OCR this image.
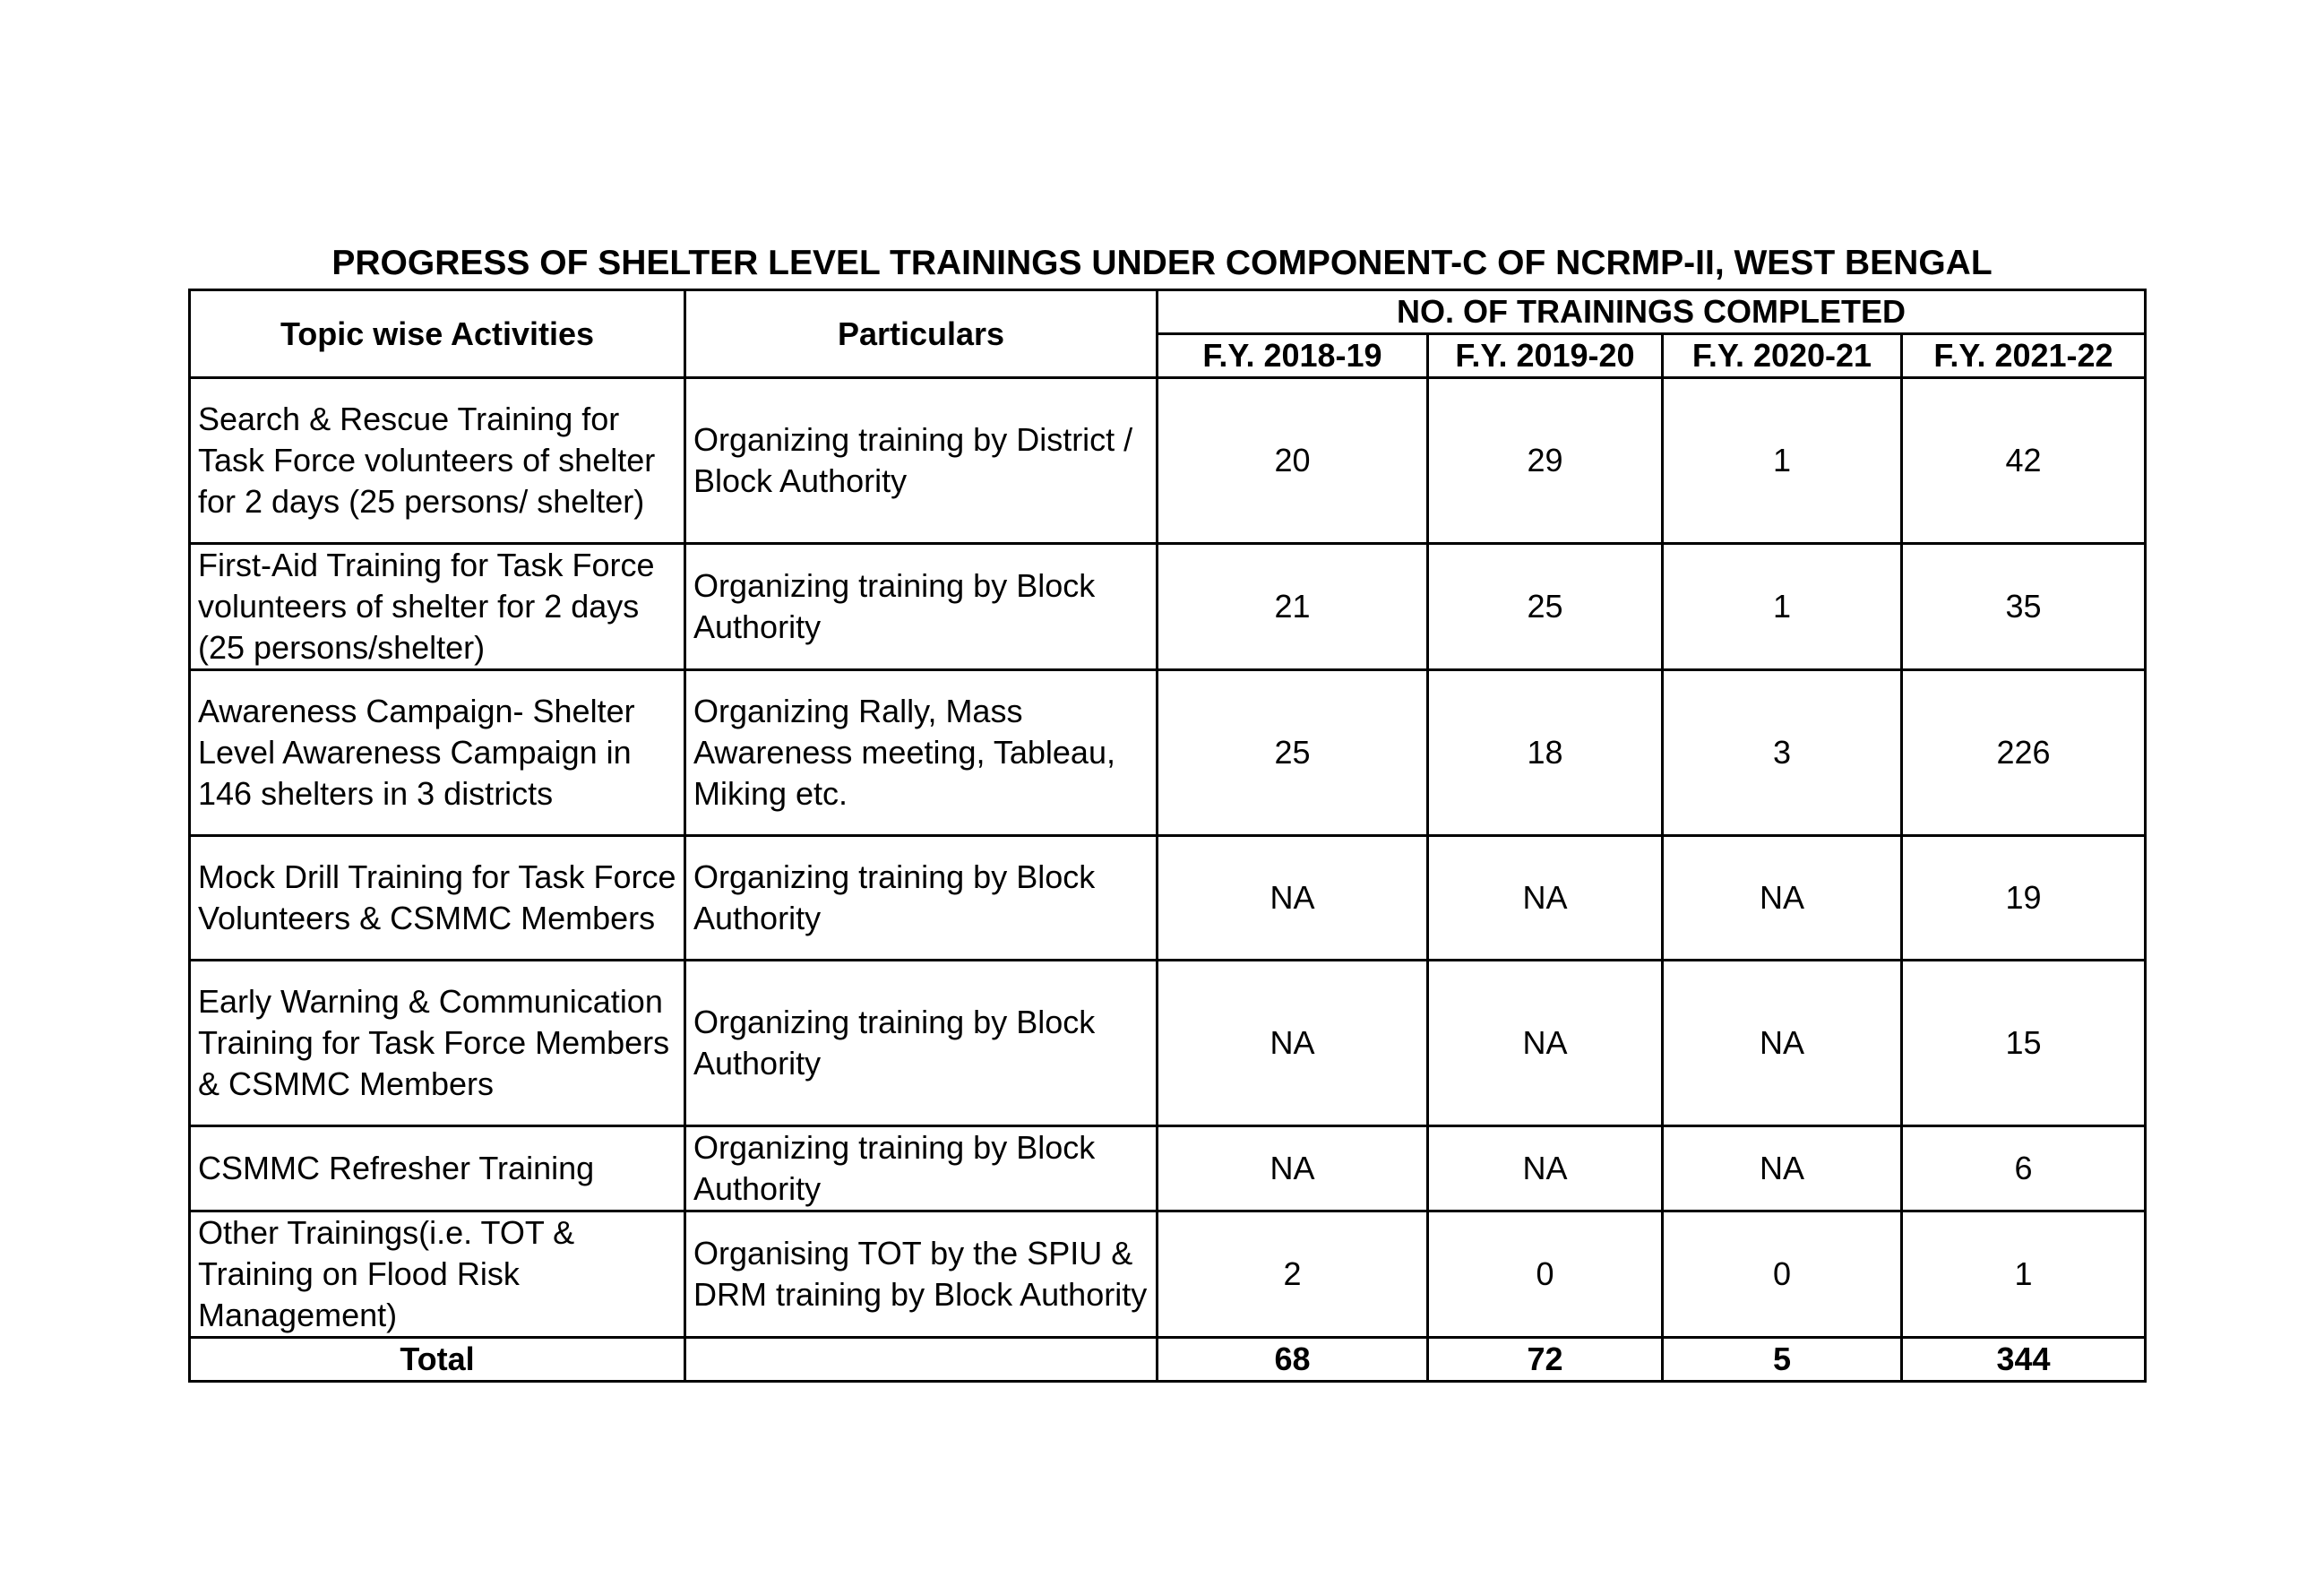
PROGRESS OF SHELTER LEVEL TRAININGS UNDER COMPONENT-C OF NCRMP-II, WEST BENGAL
Topic wise Activities	Particulars	NO. OF TRAININGS COMPLETED			
		F.Y. 2018-19	F.Y. 2019-20	F.Y. 2020-21	F.Y. 2021-22
Search & Rescue Training for Task Force volunteers of shelter for 2 days (25 persons/ shelter)	Organizing training by District / Block Authority	20	29	1	42
First-Aid Training for Task Force volunteers of shelter for 2 days (25 persons/shelter)	Organizing training by Block Authority	21	25	1	35
Awareness Campaign- Shelter Level Awareness Campaign in 146 shelters in 3 districts	Organizing Rally, Mass Awareness meeting, Tableau, Miking etc.	25	18	3	226
Mock Drill Training for Task Force Volunteers & CSMMC Members	Organizing training by Block Authority	NA	NA	NA	19
Early Warning & Communication Training for Task Force Members & CSMMC Members	Organizing training by Block Authority	NA	NA	NA	15
CSMMC Refresher Training	Organizing training by Block Authority	NA	NA	NA	6
Other Trainings(i.e. TOT & Training on Flood Risk Management)	Organising TOT by the SPIU & DRM training by Block Authority	2	0	0	1
Total		68	72	5	344
